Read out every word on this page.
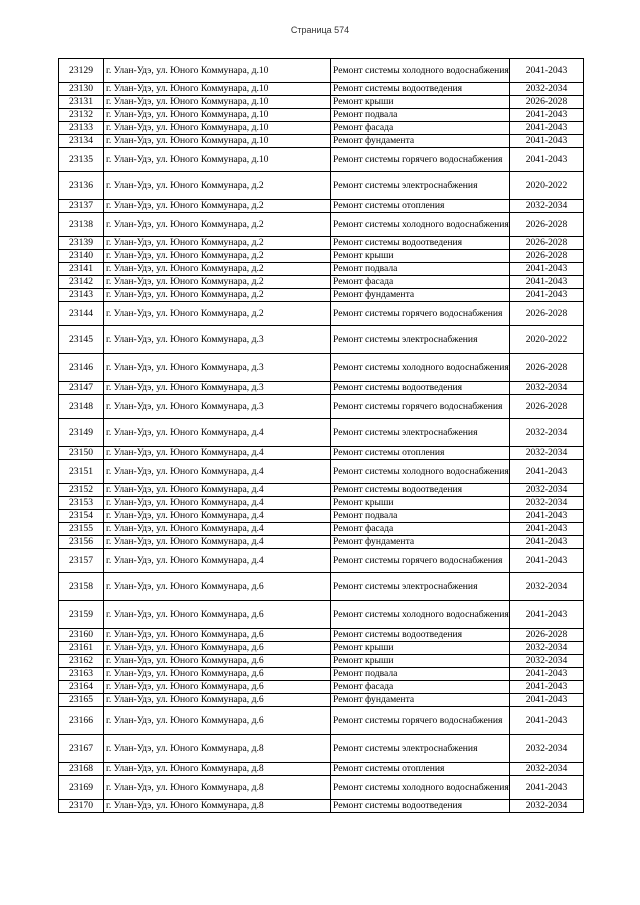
Страница 574
23129	г. Улан-Удэ, ул. Юного Коммунара, д.10	Ремонт системы холодного водоснабжения	2041-2043
23130	г. Улан-Удэ, ул. Юного Коммунара, д.10	Ремонт системы водоотведения	2032-2034
23131	г. Улан-Удэ, ул. Юного Коммунара, д.10	Ремонт крыши	2026-2028
23132	г. Улан-Удэ, ул. Юного Коммунара, д.10	Ремонт подвала	2041-2043
23133	г. Улан-Удэ, ул. Юного Коммунара, д.10	Ремонт фасада	2041-2043
23134	г. Улан-Удэ, ул. Юного Коммунара, д.10	Ремонт фундамента	2041-2043
23135	г. Улан-Удэ, ул. Юного Коммунара, д.10	Ремонт системы горячего водоснабжения	2041-2043
23136	г. Улан-Удэ, ул. Юного Коммунара, д.2	Ремонт системы электроснабжения	2020-2022
23137	г. Улан-Удэ, ул. Юного Коммунара, д.2	Ремонт системы отопления	2032-2034
23138	г. Улан-Удэ, ул. Юного Коммунара, д.2	Ремонт системы холодного водоснабжения	2026-2028
23139	г. Улан-Удэ, ул. Юного Коммунара, д.2	Ремонт системы водоотведения	2026-2028
23140	г. Улан-Удэ, ул. Юного Коммунара, д.2	Ремонт крыши	2026-2028
23141	г. Улан-Удэ, ул. Юного Коммунара, д.2	Ремонт подвала	2041-2043
23142	г. Улан-Удэ, ул. Юного Коммунара, д.2	Ремонт фасада	2041-2043
23143	г. Улан-Удэ, ул. Юного Коммунара, д.2	Ремонт фундамента	2041-2043
23144	г. Улан-Удэ, ул. Юного Коммунара, д.2	Ремонт системы горячего водоснабжения	2026-2028
23145	г. Улан-Удэ, ул. Юного Коммунара, д.3	Ремонт системы электроснабжения	2020-2022
23146	г. Улан-Удэ, ул. Юного Коммунара, д.3	Ремонт системы холодного водоснабжения	2026-2028
23147	г. Улан-Удэ, ул. Юного Коммунара, д.3	Ремонт системы водоотведения	2032-2034
23148	г. Улан-Удэ, ул. Юного Коммунара, д.3	Ремонт системы горячего водоснабжения	2026-2028
23149	г. Улан-Удэ, ул. Юного Коммунара, д.4	Ремонт системы электроснабжения	2032-2034
23150	г. Улан-Удэ, ул. Юного Коммунара, д.4	Ремонт системы отопления	2032-2034
23151	г. Улан-Удэ, ул. Юного Коммунара, д.4	Ремонт системы холодного водоснабжения	2041-2043
23152	г. Улан-Удэ, ул. Юного Коммунара, д.4	Ремонт системы водоотведения	2032-2034
23153	г. Улан-Удэ, ул. Юного Коммунара, д.4	Ремонт крыши	2032-2034
23154	г. Улан-Удэ, ул. Юного Коммунара, д.4	Ремонт подвала	2041-2043
23155	г. Улан-Удэ, ул. Юного Коммунара, д.4	Ремонт фасада	2041-2043
23156	г. Улан-Удэ, ул. Юного Коммунара, д.4	Ремонт фундамента	2041-2043
23157	г. Улан-Удэ, ул. Юного Коммунара, д.4	Ремонт системы горячего водоснабжения	2041-2043
23158	г. Улан-Удэ, ул. Юного Коммунара, д.6	Ремонт системы электроснабжения	2032-2034
23159	г. Улан-Удэ, ул. Юного Коммунара, д.6	Ремонт системы холодного водоснабжения	2041-2043
23160	г. Улан-Удэ, ул. Юного Коммунара, д.6	Ремонт системы водоотведения	2026-2028
23161	г. Улан-Удэ, ул. Юного Коммунара, д.6	Ремонт крыши	2032-2034
23162	г. Улан-Удэ, ул. Юного Коммунара, д.6	Ремонт крыши	2032-2034
23163	г. Улан-Удэ, ул. Юного Коммунара, д.6	Ремонт подвала	2041-2043
23164	г. Улан-Удэ, ул. Юного Коммунара, д.6	Ремонт фасада	2041-2043
23165	г. Улан-Удэ, ул. Юного Коммунара, д.6	Ремонт фундамента	2041-2043
23166	г. Улан-Удэ, ул. Юного Коммунара, д.6	Ремонт системы горячего водоснабжения	2041-2043
23167	г. Улан-Удэ, ул. Юного Коммунара, д.8	Ремонт системы электроснабжения	2032-2034
23168	г. Улан-Удэ, ул. Юного Коммунара, д.8	Ремонт системы отопления	2032-2034
23169	г. Улан-Удэ, ул. Юного Коммунара, д.8	Ремонт системы холодного водоснабжения	2041-2043
23170	г. Улан-Удэ, ул. Юного Коммунара, д.8	Ремонт системы водоотведения	2032-2034
